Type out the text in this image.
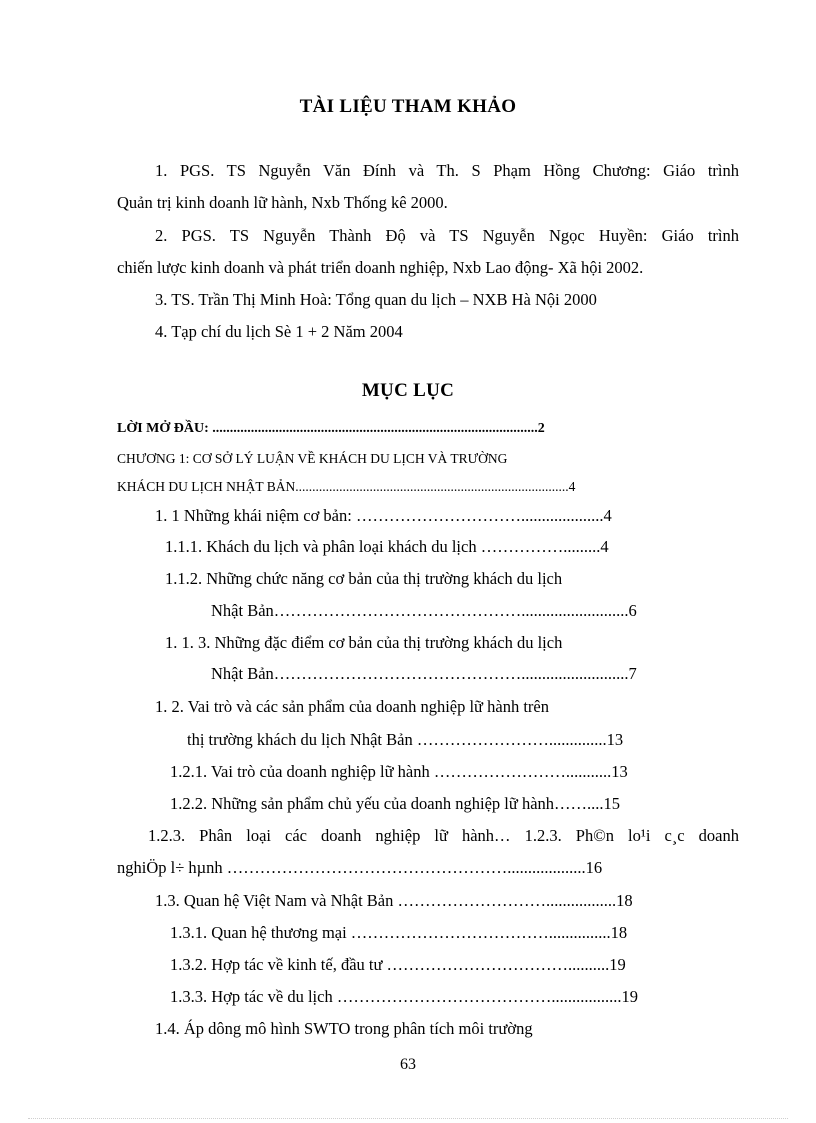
TÀI LIỆU THAM KHẢO
1. PGS. TS Nguyễn Văn Đính và Th. S Phạm Hồng Chương: Giáo trình
Quản trị kinh doanh lữ hành, Nxb Thống kê 2000.
2. PGS. TS Nguyễn Thành Độ và TS Nguyễn Ngọc Huyền: Giáo trình
chiến lược kinh doanh và phát triển doanh nghiệp, Nxb Lao động- Xã hội 2002.
3. TS. Trần Thị Minh Hoà: Tổng quan du lịch – NXB Hà Nội 2000
4. Tạp chí du lịch Sè 1 + 2 Năm 2004
MỤC LỤC
LỜI MỞ ĐẦU: .............................................................................................2
CHƯƠNG 1: CƠ SỞ LÝ LUẬN VỀ KHÁCH DU LỊCH VÀ TRƯỜNG
KHÁCH DU LỊCH NHẬT BẢN.................................................................................4
1. 1 Những khái niệm cơ bản: …………………………....................4
1.1.1. Khách du lịch và phân loại khách du lịch …………….........4
1.1.2. Những chức năng cơ bản của thị trường khách du lịch
Nhật Bản………………………………………..........................6
1. 1. 3. Những đặc điểm cơ bản của thị trường khách du lịch
Nhật Bản………………………………………..........................7
1. 2. Vai trò và các sản phẩm của doanh nghiệp lữ hành trên
thị trường khách du lịch Nhật Bản ……………………..............13
1.2.1. Vai trò của doanh nghiệp lữ hành ……………………...........13
1.2.2. Những sản phẩm chủ yếu của doanh nghiệp lữ hành……....15
1.2.3. Phân loại các doanh nghiệp lữ hành… 1.2.3. Ph©n lo¹i c¸c doanh
nghiÖp l÷ hµnh ……………………………………………...................16
1.3. Quan hệ Việt Nam và Nhật Bản ……………………….................18
1.3.1. Quan hệ thương mại ………………………………...............18
1.3.2. Hợp tác về kinh tế, đầu tư ……………………………..........19
1.3.3. Hợp tác về du lịch ………………………………….................19
1.4. Áp dông mô hình SWTO trong phân tích môi trường
63
